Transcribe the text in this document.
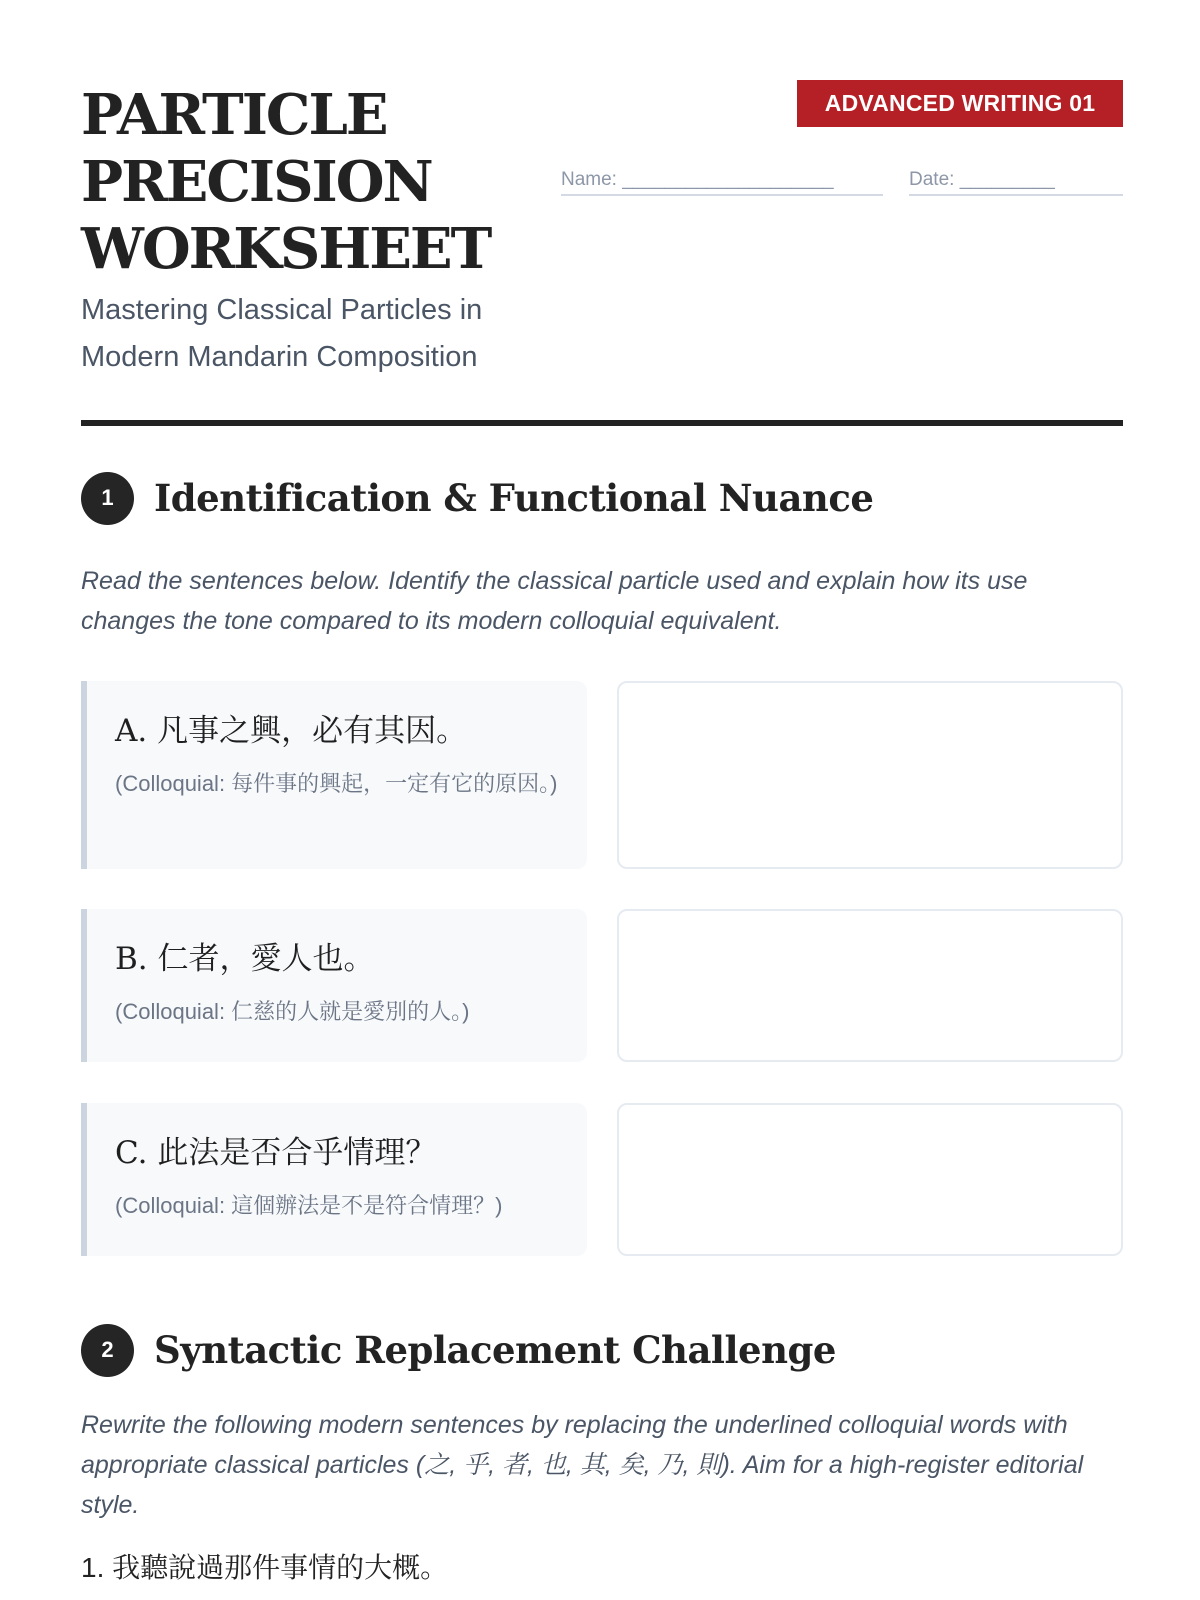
PARTICLE
PRECISION
WORKSHEET
Mastering Classical Particles in
Modern Mandarin Composition
ADVANCED WRITING 01
Name: ____________________	Date: _________
1	Identification & Functional Nuance

Read the sentences below. Identify the classical particle used and explain how its use changes the tone compared to its modern colloquial equivalent.

A. 凡事之興，必有其因。
(Colloquial: 每件事的興起，一定有它的原因。)
B. 仁者，愛人也。
(Colloquial: 仁慈的人就是愛別的人。)
C. 此法是否合乎情理？
(Colloquial: 這個辦法是不是符合情理？)
2	Syntactic Replacement Challenge

Rewrite the following modern sentences by replacing the underlined colloquial words with appropriate classical particles (之, 乎, 者, 也, 其, 矣, 乃, 則). Aim for a high-register editorial style.

1. 我聽說過那件事情的大概。
